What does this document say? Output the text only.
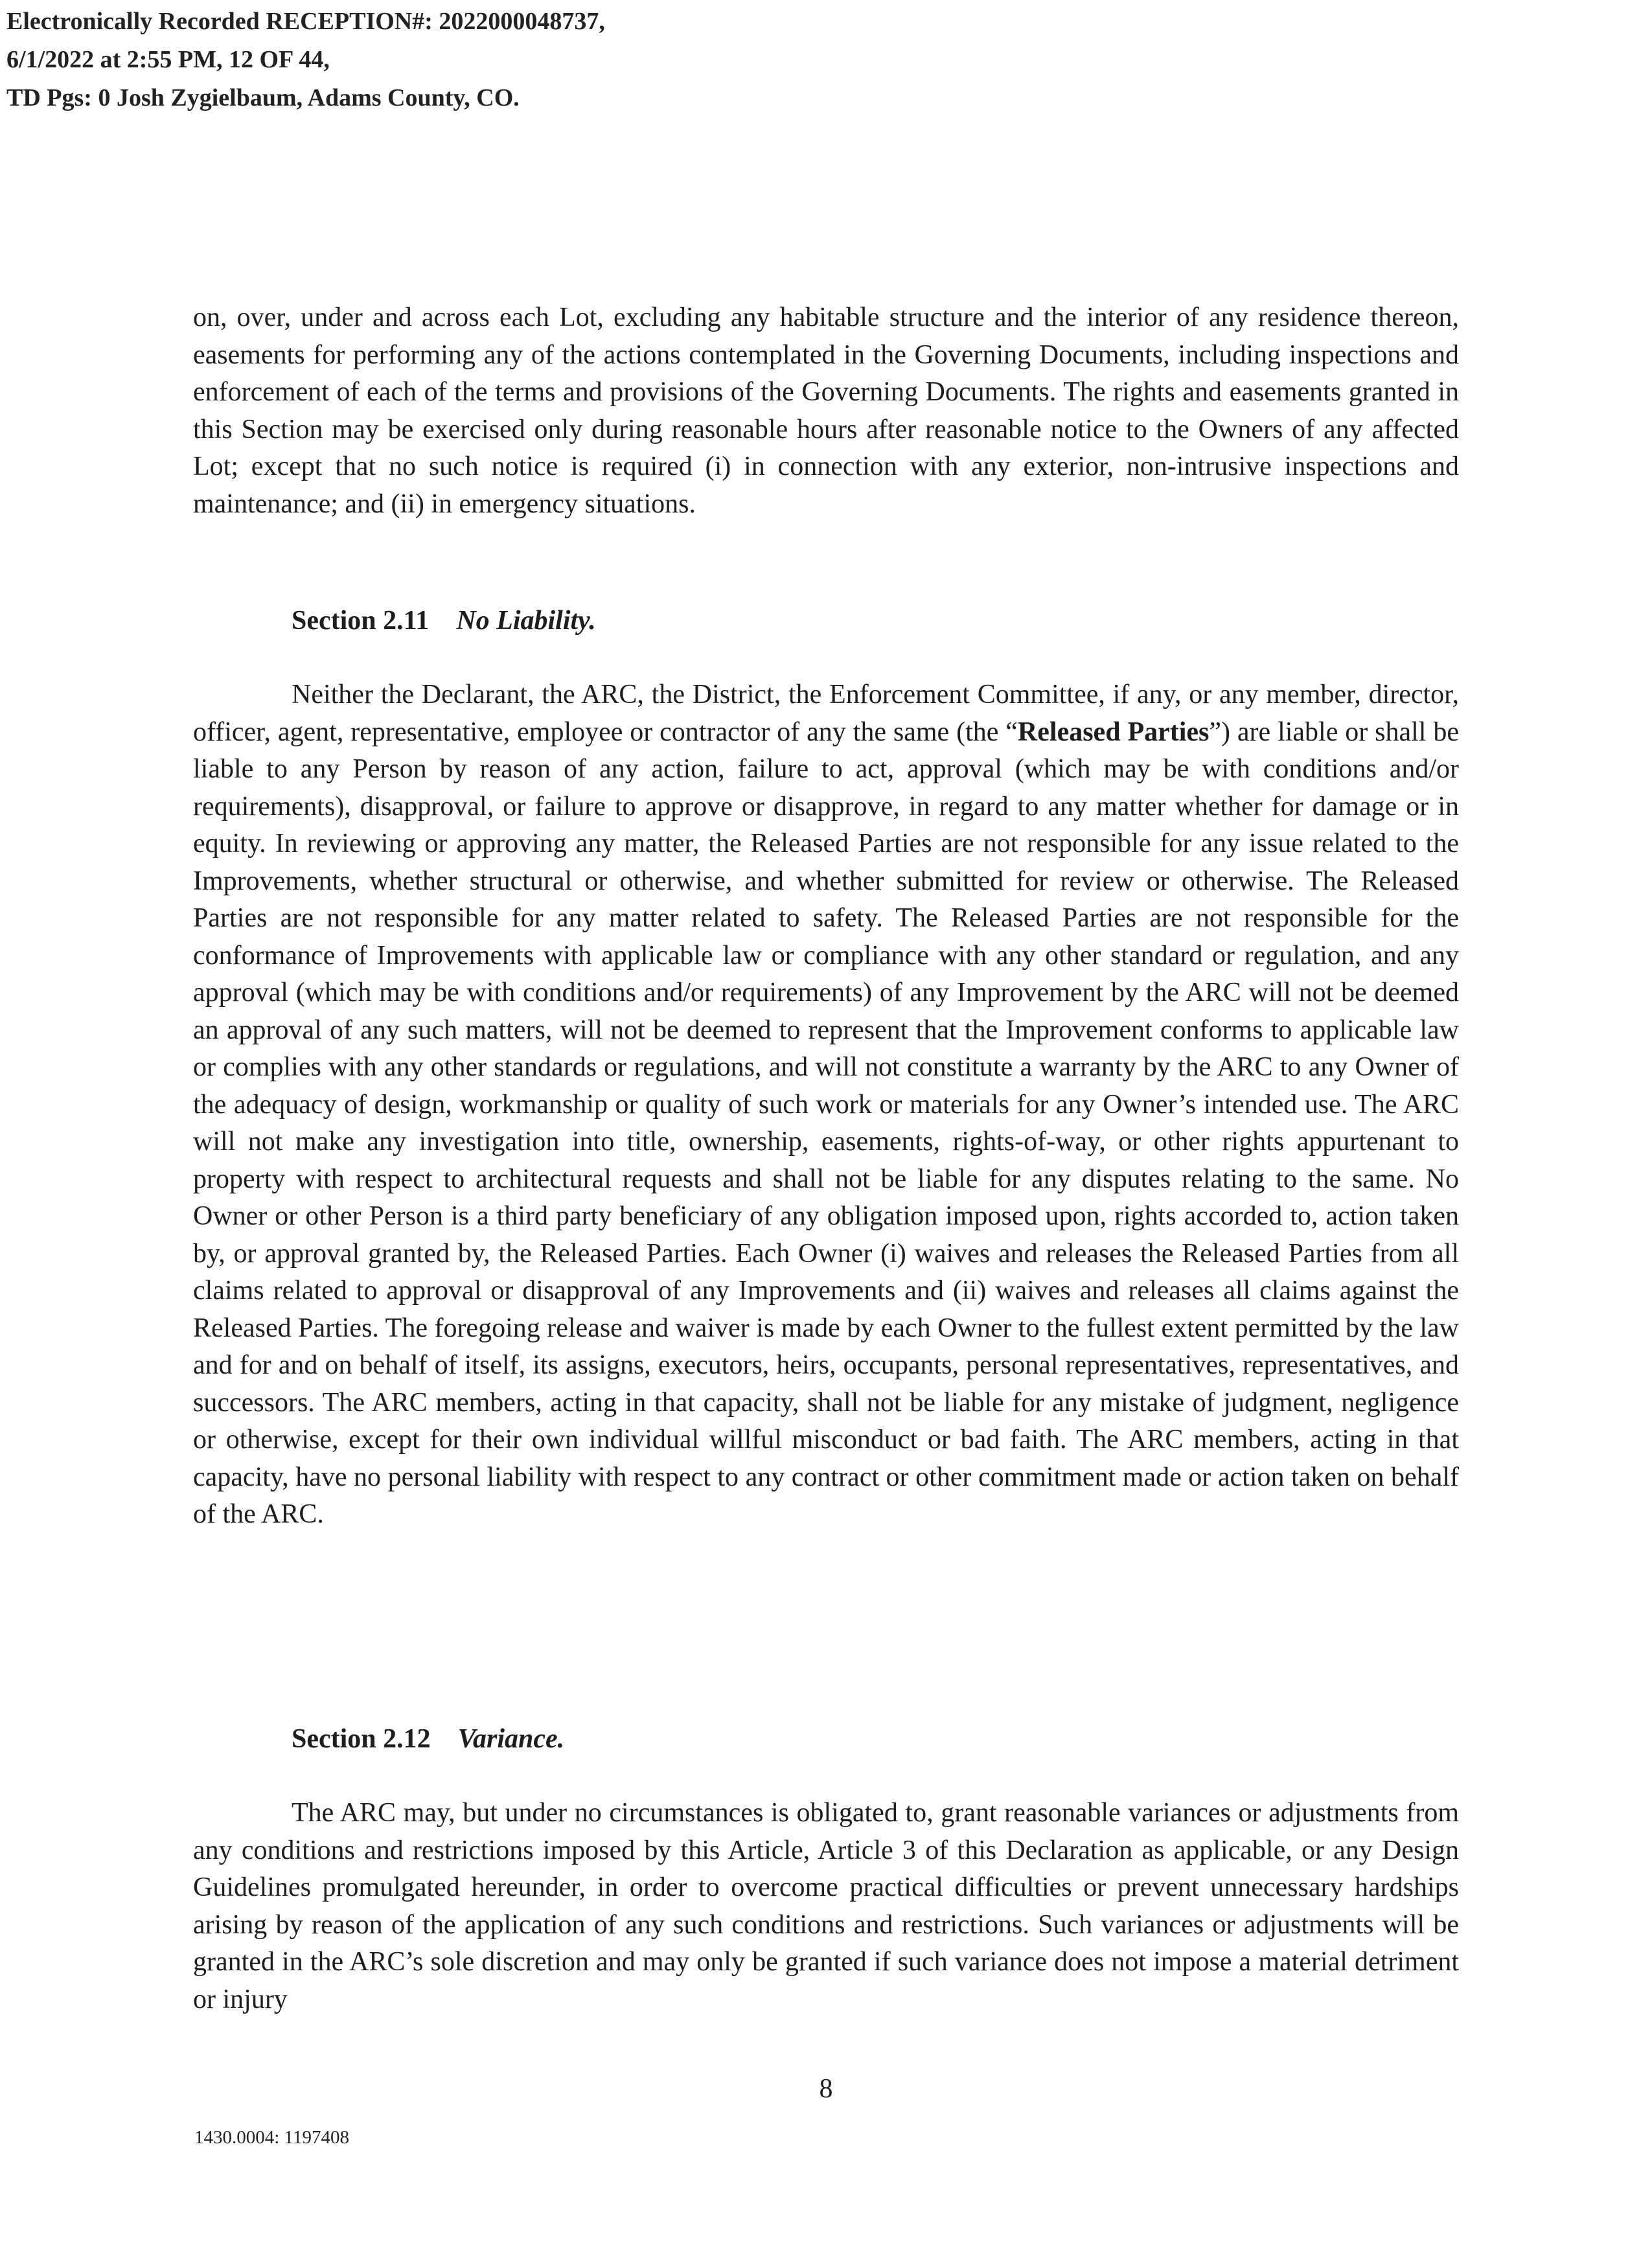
Electronically Recorded RECEPTION#: 2022000048737,
6/1/2022 at 2:55 PM, 12 OF 44,
TD Pgs: 0 Josh Zygielbaum, Adams County, CO.

on, over, under and across each Lot, excluding any habitable structure and the interior of any residence thereon, easements for performing any of the actions contemplated in the Governing Documents, including inspections and enforcement of each of the terms and provisions of the Governing Documents. The rights and easements granted in this Section may be exercised only during reasonable hours after reasonable notice to the Owners of any affected Lot; except that no such notice is required (i) in connection with any exterior, non-intrusive inspections and maintenance; and (ii) in emergency situations.

Section 2.11 No Liability.

Neither the Declarant, the ARC, the District, the Enforcement Committee, if any, or any member, director, officer, agent, representative, employee or contractor of any the same (the “Released Parties”) are liable or shall be liable to any Person by reason of any action, failure to act, approval (which may be with conditions and/or requirements), disapproval, or failure to approve or disapprove, in regard to any matter whether for damage or in equity. In reviewing or approving any matter, the Released Parties are not responsible for any issue related to the Improvements, whether structural or otherwise, and whether submitted for review or otherwise. The Released Parties are not responsible for any matter related to safety. The Released Parties are not responsible for the conformance of Improvements with applicable law or compliance with any other standard or regulation, and any approval (which may be with conditions and/or requirements) of any Improvement by the ARC will not be deemed an approval of any such matters, will not be deemed to represent that the Improvement conforms to applicable law or complies with any other standards or regulations, and will not constitute a warranty by the ARC to any Owner of the adequacy of design, workmanship or quality of such work or materials for any Owner’s intended use. The ARC will not make any investigation into title, ownership, easements, rights-of-way, or other rights appurtenant to property with respect to architectural requests and shall not be liable for any disputes relating to the same. No Owner or other Person is a third party beneficiary of any obligation imposed upon, rights accorded to, action taken by, or approval granted by, the Released Parties. Each Owner (i) waives and releases the Released Parties from all claims related to approval or disapproval of any Improvements and (ii) waives and releases all claims against the Released Parties. The foregoing release and waiver is made by each Owner to the fullest extent permitted by the law and for and on behalf of itself, its assigns, executors, heirs, occupants, personal representatives, representatives, and successors. The ARC members, acting in that capacity, shall not be liable for any mistake of judgment, negligence or otherwise, except for their own individual willful misconduct or bad faith. The ARC members, acting in that capacity, have no personal liability with respect to any contract or other commitment made or action taken on behalf of the ARC.

Section 2.12 Variance.

The ARC may, but under no circumstances is obligated to, grant reasonable variances or adjustments from any conditions and restrictions imposed by this Article, Article 3 of this Declaration as applicable, or any Design Guidelines promulgated hereunder, in order to overcome practical difficulties or prevent unnecessary hardships arising by reason of the application of any such conditions and restrictions. Such variances or adjustments will be granted in the ARC’s sole discretion and may only be granted if such variance does not impose a material detriment or injury

8
1430.0004: 1197408
